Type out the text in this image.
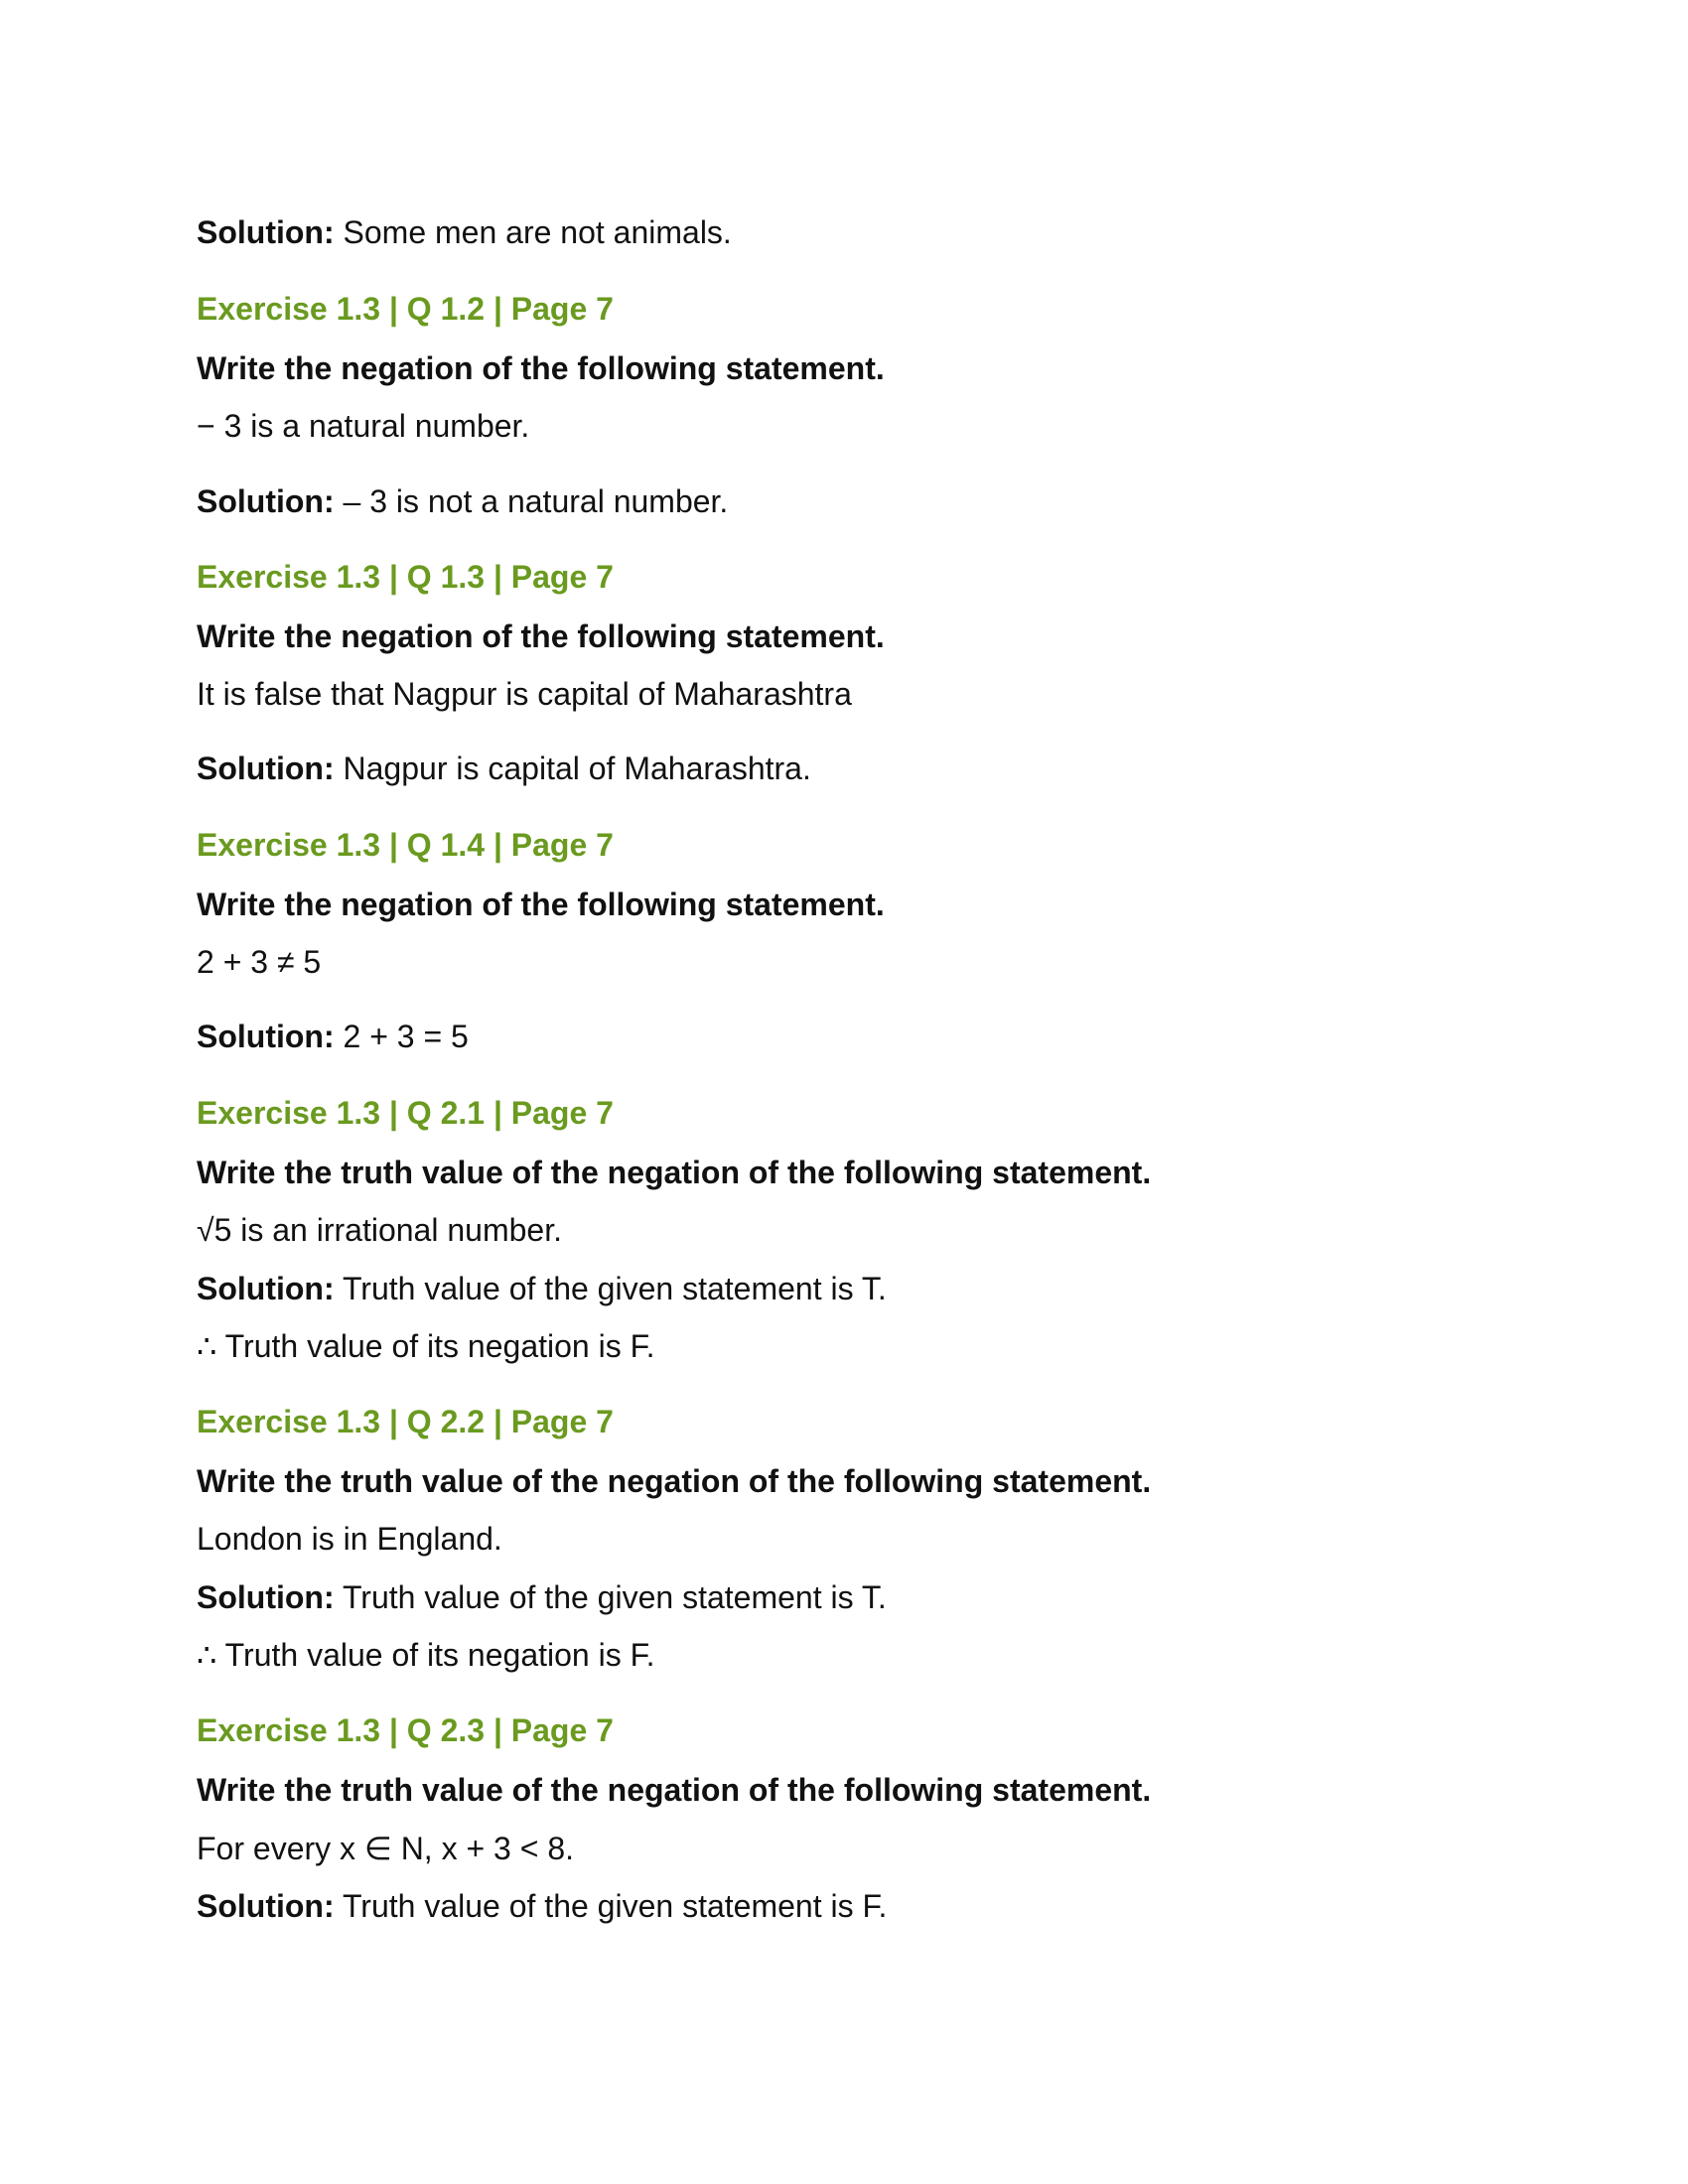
Solution: Some men are not animals.

Exercise 1.3 | Q 1.2 | Page 7

Write the negation of the following statement.

− 3 is a natural number.

Solution: – 3 is not a natural number.

Exercise 1.3 | Q 1.3 | Page 7

Write the negation of the following statement.

It is false that Nagpur is capital of Maharashtra

Solution: Nagpur is capital of Maharashtra.

Exercise 1.3 | Q 1.4 | Page 7

Write the negation of the following statement.

2 + 3 ≠ 5

Solution: 2 + 3 = 5

Exercise 1.3 | Q 2.1 | Page 7

Write the truth value of the negation of the following statement.

√5 is an irrational number.

Solution: Truth value of the given statement is T.

∴ Truth value of its negation is F.

Exercise 1.3 | Q 2.2 | Page 7

Write the truth value of the negation of the following statement.

London is in England.

Solution: Truth value of the given statement is T.

∴ Truth value of its negation is F.

Exercise 1.3 | Q 2.3 | Page 7

Write the truth value of the negation of the following statement.

For every x ∈ N, x + 3 < 8.

Solution: Truth value of the given statement is F.
